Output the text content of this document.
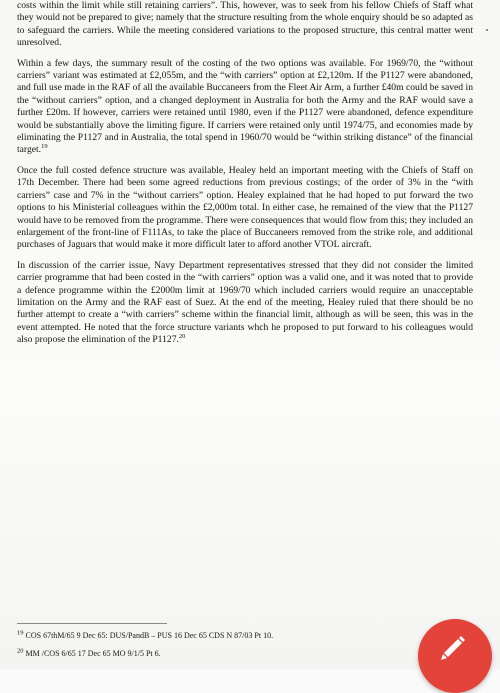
costs within the limit while still retaining carriers”. This, however, was to seek from his fellow Chiefs of Staff what they would not be prepared to give; namely that the structure resulting from the whole enquiry should be so adapted as to safeguard the carriers. While the meeting considered variations to the proposed structure, this central matter went unresolved.

Within a few days, the summary result of the costing of the two options was available. For 1969/70, the “without carriers” variant was estimated at £2,055m, and the “with carriers” option at £2,120m. If the P1127 were abandoned, and full use made in the RAF of all the available Buccaneers from the Fleet Air Arm, a further £40m could be saved in the “without carriers” option, and a changed deployment in Australia for both the Army and the RAF would save a further £20m. If however, carriers were retained until 1980, even if the P1127 were abandoned, defence expenditure would be substantially above the limiting figure. If carriers were retained only until 1974/75, and economies made by eliminating the P1127 and in Australia, the total spend in 1960/70 would be “within striking distance” of the financial target.$^{19}$

Once the full costed defence structure was available, Healey held an important meeting with the Chiefs of Staff on 17th December. There had been some agreed reductions from previous costings; of the order of 3% in the “with carriers” case and 7% in the “without carriers” option. Healey explained that he had hoped to put forward the two options to his Ministerial colleagues within the £2,000m total. In either case, he remained of the view that the P1127 would have to be removed from the programme. There were consequences that would flow from this; they included an enlargement of the front-line of F111As, to take the place of Buccaneers removed from the strike role, and additional purchases of Jaguars that would make it more difficult later to afford another VTOL aircraft.

In discussion of the carrier issue, Navy Department representatives stressed that they did not consider the limited carrier programme that had been costed in the “with carriers” option was a valid one, and it was noted that to provide a defence programme within the £2000m limit at 1969/70 which included carriers would require an unacceptable limitation on the Army and the RAF east of Suez. At the end of the meeting, Healey ruled that there should be no further attempt to create a “with carriers” scheme within the financial limit, although as will be seen, this was in the event attempted. He noted that the force structure variants whch he proposed to put forward to his colleagues would also propose the elimination of the P1127.20

$^{19}$ COS 67thM/65 9 Dec 65: DUS/PandB – PUS 16 Dec 65 CDS N 87/03 Pt 10.
$^{20}$ MM /COS 6/65 17 Dec 65 MO 9/1/5 Pt 6.
